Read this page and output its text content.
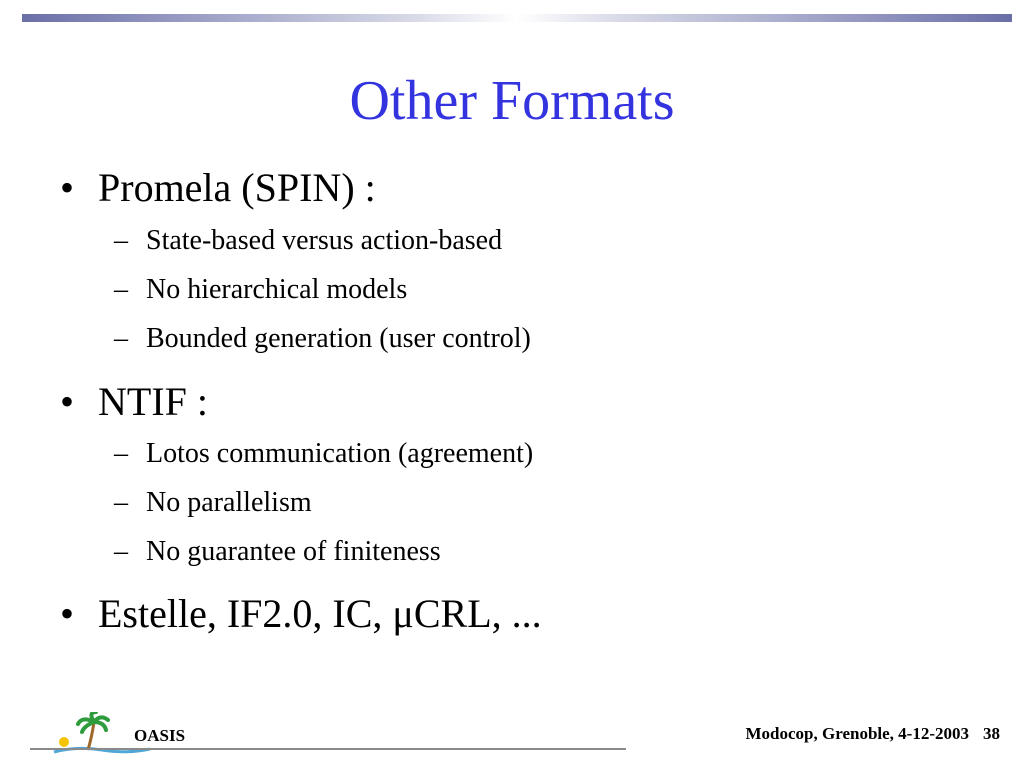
Other Formats
• Promela (SPIN) :
– State-based versus action-based
– No hierarchical models
– Bounded generation (user control)
• NTIF :
– Lotos communication (agreement)
– No parallelism
– No guarantee of finiteness
• Estelle, IF2.0, IC, μCRL, ...
OASIS	Modocop, Grenoble, 4-12-2003 38
